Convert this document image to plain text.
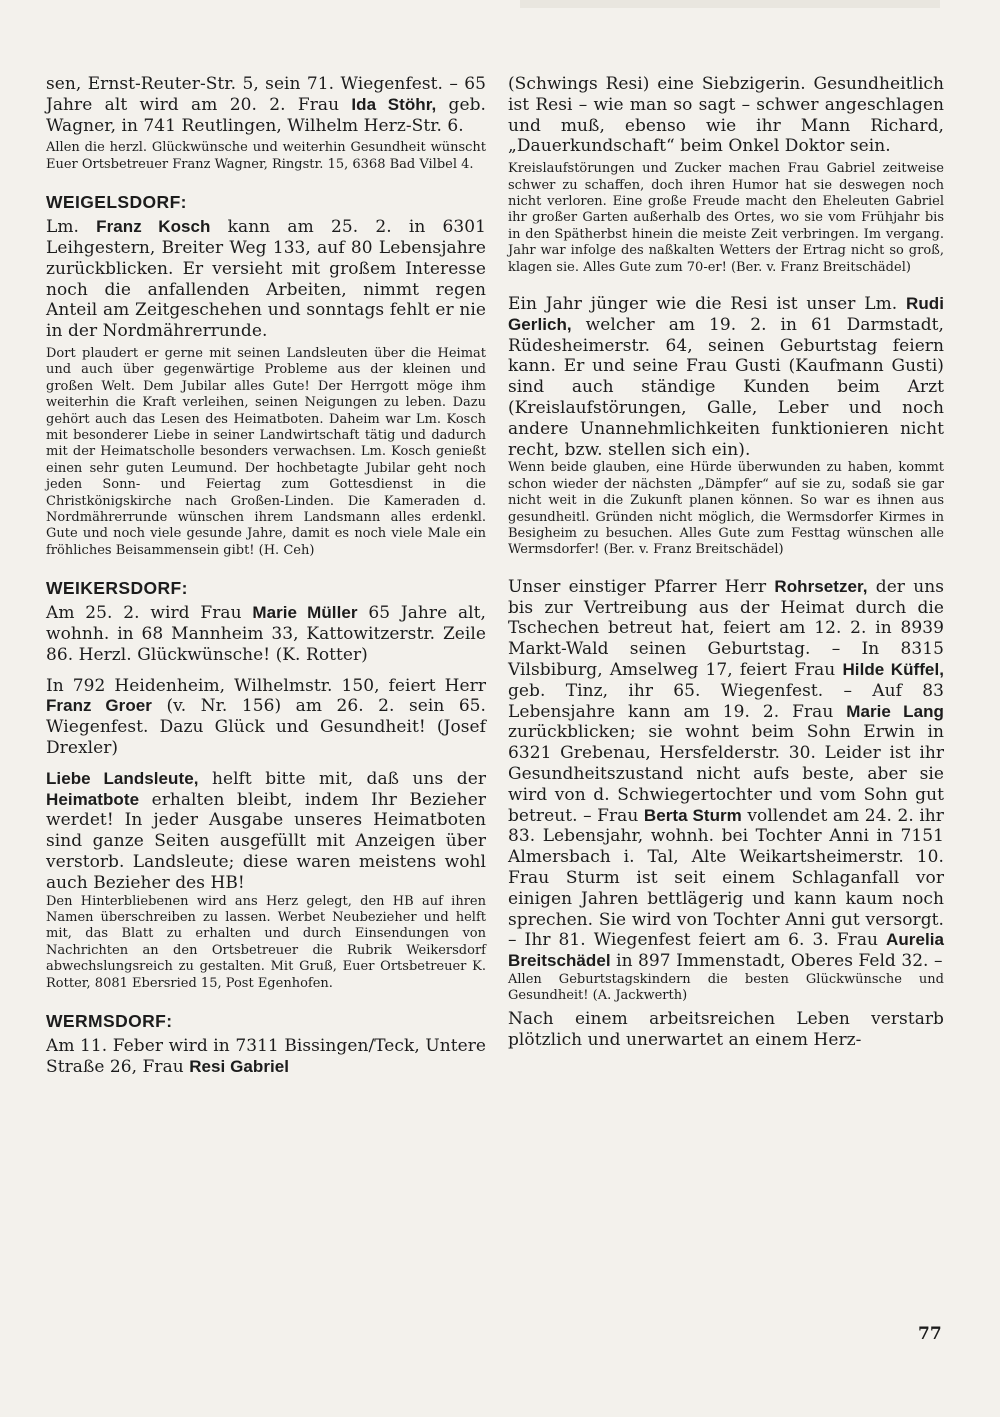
sen, Ernst-Reuter-Str. 5, sein 71. Wiegenfest. – 65 Jahre alt wird am 20. 2. Frau Ida Stöhr, geb. Wagner, in 741 Reutlingen, Wilhelm Herz-Str. 6.

Allen die herzl. Glückwünsche und weiterhin Gesundheit wünscht Euer Ortsbetreuer Franz Wagner, Ringstr. 15, 6368 Bad Vilbel 4.

WEIGELSDORF:

Lm. Franz Kosch kann am 25. 2. in 6301 Leihgestern, Breiter Weg 133, auf 80 Lebensjahre zurückblicken. Er versieht mit großem Interesse noch die anfallenden Arbeiten, nimmt regen Anteil am Zeitgeschehen und sonntags fehlt er nie in der Nordmährerrunde.

Dort plaudert er gerne mit seinen Landsleuten über die Heimat und auch über gegenwärtige Probleme aus der kleinen und großen Welt. Dem Jubilar alles Gute! Der Herrgott möge ihm weiterhin die Kraft verleihen, seinen Neigungen zu leben. Dazu gehört auch das Lesen des Heimatboten. Daheim war Lm. Kosch mit besonderer Liebe in seiner Landwirtschaft tätig und dadurch mit der Heimatscholle besonders verwachsen. Lm. Kosch genießt einen sehr guten Leumund. Der hochbetagte Jubilar geht noch jeden Sonn- und Feiertag zum Gottesdienst in die Christkönigskirche nach Großen-Linden. Die Kameraden d. Nordmährerrunde wünschen ihrem Landsmann alles erdenkl. Gute und noch viele gesunde Jahre, damit es noch viele Male ein fröhliches Beisammensein gibt! (H. Ceh)

WEIKERSDORF:

Am 25. 2. wird Frau Marie Müller 65 Jahre alt, wohnh. in 68 Mannheim 33, Kattowitzerstr. Zeile 86. Herzl. Glückwünsche! (K. Rotter)

In 792 Heidenheim, Wilhelmstr. 150, feiert Herr Franz Groer (v. Nr. 156) am 26. 2. sein 65. Wiegenfest. Dazu Glück und Gesundheit! (Josef Drexler)

Liebe Landsleute, helft bitte mit, daß uns der Heimatbote erhalten bleibt, indem Ihr Bezieher werdet! In jeder Ausgabe unseres Heimatboten sind ganze Seiten ausgefüllt mit Anzeigen über verstorb. Landsleute; diese waren meistens wohl auch Bezieher des HB!

Den Hinterbliebenen wird ans Herz gelegt, den HB auf ihren Namen überschreiben zu lassen. Werbet Neubezieher und helft mit, das Blatt zu erhalten und durch Einsendungen von Nachrichten an den Ortsbetreuer die Rubrik Weikersdorf abwechslungsreich zu gestalten. Mit Gruß, Euer Ortsbetreuer K. Rotter, 8081 Ebersried 15, Post Egenhofen.

WERMSDORF:

Am 11. Feber wird in 7311 Bissingen/Teck, Untere Straße 26, Frau Resi Gabriel

(Schwings Resi) eine Siebzigerin. Gesundheitlich ist Resi – wie man so sagt – schwer angeschlagen und muß, ebenso wie ihr Mann Richard, „Dauerkundschaft“ beim Onkel Doktor sein.

Kreislaufstörungen und Zucker machen Frau Gabriel zeitweise schwer zu schaffen, doch ihren Humor hat sie deswegen noch nicht verloren. Eine große Freude macht den Eheleuten Gabriel ihr großer Garten außerhalb des Ortes, wo sie vom Frühjahr bis in den Spätherbst hinein die meiste Zeit verbringen. Im vergang. Jahr war infolge des naßkalten Wetters der Ertrag nicht so groß, klagen sie. Alles Gute zum 70-er! (Ber. v. Franz Breitschädel)

Ein Jahr jünger wie die Resi ist unser Lm. Rudi Gerlich, welcher am 19. 2. in 61 Darmstadt, Rüdesheimerstr. 64, seinen Geburtstag feiern kann. Er und seine Frau Gusti (Kaufmann Gusti) sind auch ständige Kunden beim Arzt (Kreislaufstörungen, Galle, Leber und noch andere Unannehmlichkeiten funktionieren nicht recht, bzw. stellen sich ein).

Wenn beide glauben, eine Hürde überwunden zu haben, kommt schon wieder der nächsten „Dämpfer“ auf sie zu, sodaß sie gar nicht weit in die Zukunft planen können. So war es ihnen aus gesundheitl. Gründen nicht möglich, die Wermsdorfer Kirmes in Besigheim zu besuchen. Alles Gute zum Festtag wünschen alle Wermsdorfer! (Ber. v. Franz Breitschädel)

Unser einstiger Pfarrer Herr Rohrsetzer, der uns bis zur Vertreibung aus der Heimat durch die Tschechen betreut hat, feiert am 12. 2. in 8939 Markt-Wald seinen Geburtstag. – In 8315 Vilsbiburg, Amselweg 17, feiert Frau Hilde Küffel, geb. Tinz, ihr 65. Wiegenfest. – Auf 83 Lebensjahre kann am 19. 2. Frau Marie Lang zurückblicken; sie wohnt beim Sohn Erwin in 6321 Grebenau, Hersfelderstr. 30. Leider ist ihr Gesundheitszustand nicht aufs beste, aber sie wird von d. Schwiegertochter und vom Sohn gut betreut. – Frau Berta Sturm vollendet am 24. 2. ihr 83. Lebensjahr, wohnh. bei Tochter Anni in 7151 Almersbach i. Tal, Alte Weikartsheimerstr. 10. Frau Sturm ist seit einem Schlaganfall vor einigen Jahren bettlägerig und kann kaum noch sprechen. Sie wird von Tochter Anni gut versorgt. – Ihr 81. Wiegenfest feiert am 6. 3. Frau Aurelia Breitschädel in 897 Immenstadt, Oberes Feld 32. –

Allen Geburtstagskindern die besten Glückwünsche und Gesundheit! (A. Jackwerth)

Nach einem arbeitsreichen Leben verstarb plötzlich und unerwartet an einem Herz-

77
